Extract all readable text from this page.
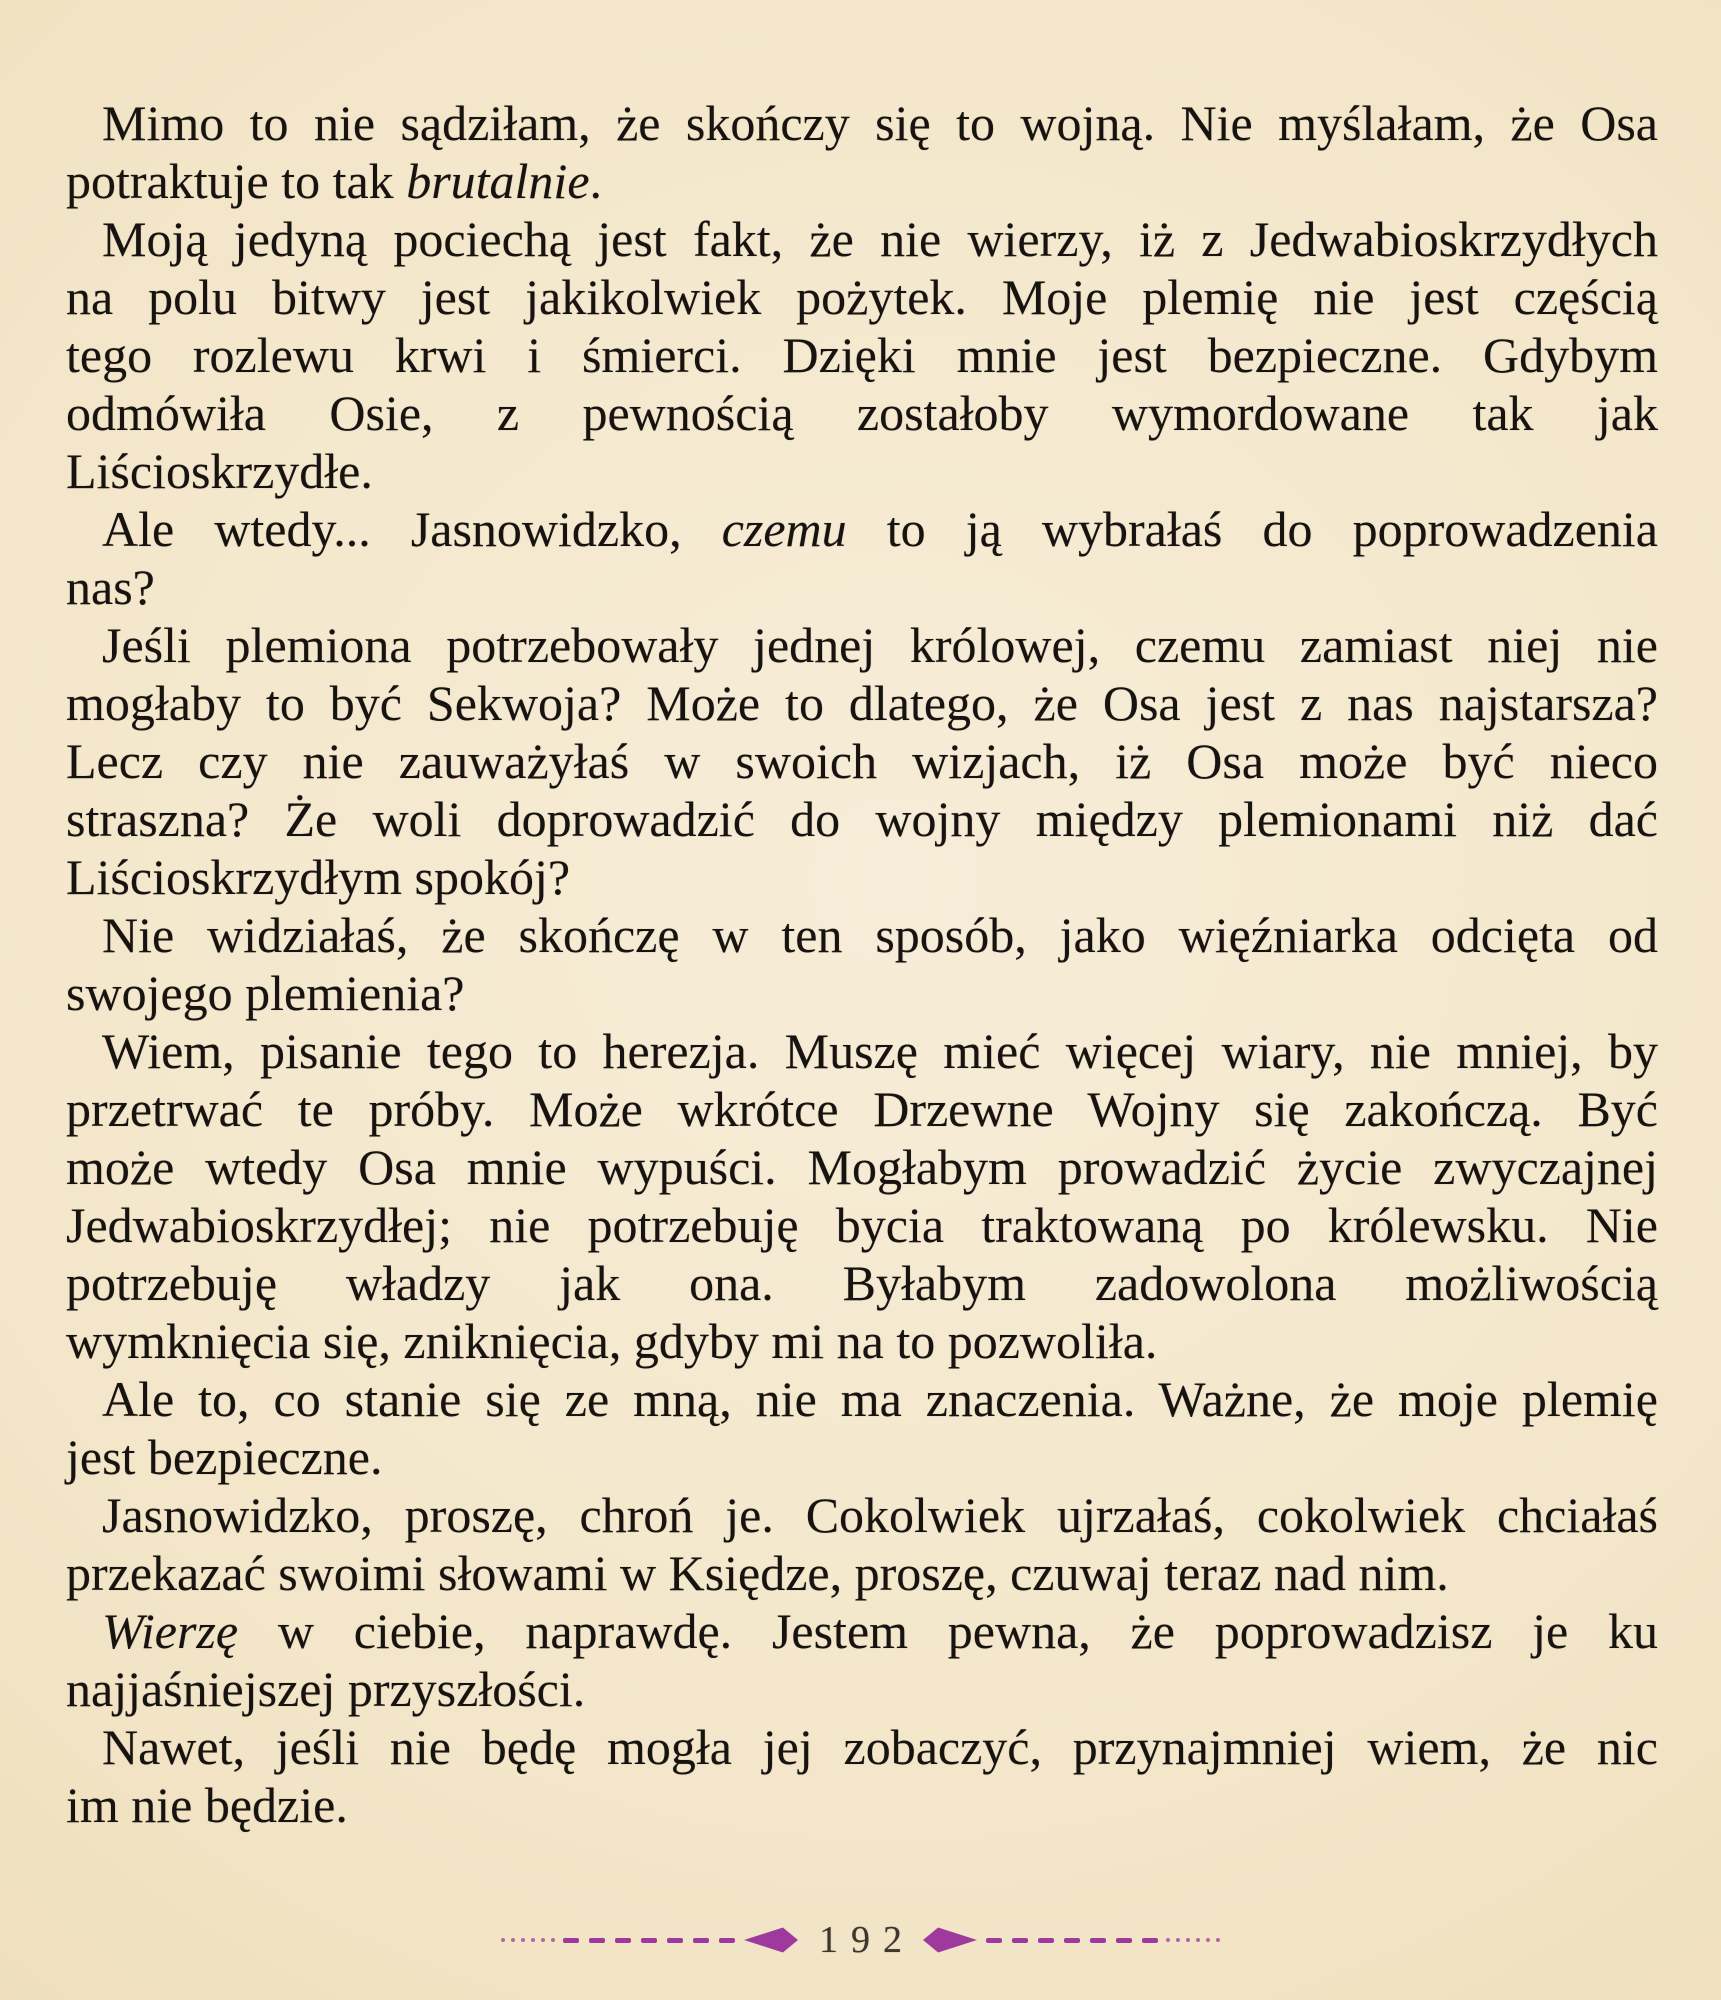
Mimo to nie sądziłam, że skończy się to wojną. Nie myślałam, że Osa
potraktuje to tak brutalnie.
Moją jedyną pociechą jest fakt, że nie wierzy, iż z Jedwabioskrzydłych
na polu bitwy jest jakikolwiek pożytek. Moje plemię nie jest częścią
tego rozlewu krwi i śmierci. Dzięki mnie jest bezpieczne. Gdybym
odmówiła Osie, z pewnością zostałoby wymordowane tak jak
Liścioskrzydłe.
Ale wtedy... Jasnowidzko, czemu to ją wybrałaś do poprowadzenia
nas?
Jeśli plemiona potrzebowały jednej królowej, czemu zamiast niej nie
mogłaby to być Sekwoja? Może to dlatego, że Osa jest z nas najstarsza?
Lecz czy nie zauważyłaś w swoich wizjach, iż Osa może być nieco
straszna? Że woli doprowadzić do wojny między plemionami niż dać
Liścioskrzydłym spokój?
Nie widziałaś, że skończę w ten sposób, jako więźniarka odcięta od
swojego plemienia?
Wiem, pisanie tego to herezja. Muszę mieć więcej wiary, nie mniej, by
przetrwać te próby. Może wkrótce Drzewne Wojny się zakończą. Być
może wtedy Osa mnie wypuści. Mogłabym prowadzić życie zwyczajnej
Jedwabioskrzydłej; nie potrzebuję bycia traktowaną po królewsku. Nie
potrzebuję władzy jak ona. Byłabym zadowolona możliwością
wymknięcia się, zniknięcia, gdyby mi na to pozwoliła.
Ale to, co stanie się ze mną, nie ma znaczenia. Ważne, że moje plemię
jest bezpieczne.
Jasnowidzko, proszę, chroń je. Cokolwiek ujrzałaś, cokolwiek chciałaś
przekazać swoimi słowami w Księdze, proszę, czuwaj teraz nad nim.
Wierzę w ciebie, naprawdę. Jestem pewna, że poprowadzisz je ku
najjaśniejszej przyszłości.
Nawet, jeśli nie będę mogła jej zobaczyć, przynajmniej wiem, że nic
im nie będzie.
192
